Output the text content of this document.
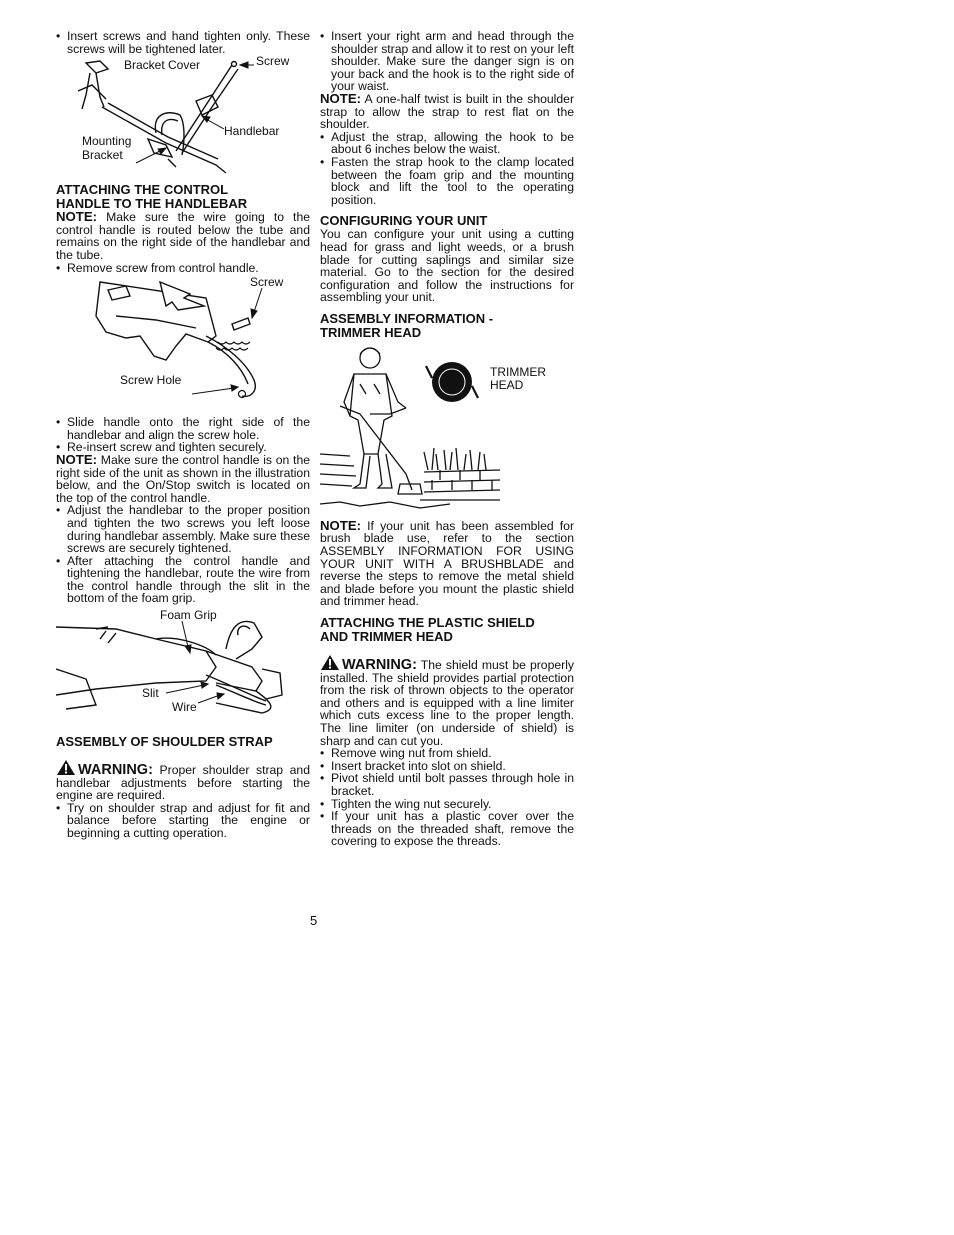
• Insert screws and hand tighten only. These screws will be tightened later.
Bracket Cover	Screw
Handlebar
Mounting
Bracket
ATTACHING THE CONTROL
HANDLE TO THE HANDLEBAR

NOTE: Make sure the wire going to the control handle is routed below the tube and remains on the right side of the handlebar and the tube.

• Remove screw from control handle.
Screw
Screw Hole
• Slide handle onto the right side of the handlebar and align the screw hole.
• Re-insert screw and tighten securely.

NOTE: Make sure the control handle is on the right side of the unit as shown in the illustration below, and the On/Stop switch is located on the top of the control handle.

• Adjust the handlebar to the proper position and tighten the two screws you left loose during handlebar assembly. Make sure these screws are securely tightened.
• After attaching the control handle and tightening the handlebar, route the wire from the control handle through the slit in the bottom of the foam grip.
Foam Grip
Slit
Wire
ASSEMBLY OF SHOULDER STRAP

WARNING: Proper shoulder strap and handlebar adjustments before starting the engine are required.

• Try on shoulder strap and adjust for fit and balance before starting the engine or beginning a cutting operation.
• Insert your right arm and head through the shoulder strap and allow it to rest on your left shoulder. Make sure the danger sign is on your back and the hook is to the right side of your waist.

NOTE: A one-half twist is built in the shoulder strap to allow the strap to rest flat on the shoulder.

• Adjust the strap, allowing the hook to be about 6 inches below the waist.
• Fasten the strap hook to the clamp located between the foam grip and the mounting block and lift the tool to the operating position.
CONFIGURING YOUR UNIT

You can configure your unit using a cutting head for grass and light weeds, or a brush blade for cutting saplings and similar size material. Go to the section for the desired configuration and follow the instructions for assembling your unit.

ASSEMBLY INFORMATION -
TRIMMER HEAD
TRIMMER
HEAD

NOTE: If your unit has been assembled for brush blade use, refer to the section ASSEMBLY INFORMATION FOR USING YOUR UNIT WITH A BRUSHBLADE and reverse the steps to remove the metal shield and blade before you mount the plastic shield and trimmer head.

ATTACHING THE PLASTIC SHIELD
AND TRIMMER HEAD

WARNING: The shield must be properly installed. The shield provides partial protection from the risk of thrown objects to the operator and others and is equipped with a line limiter which cuts excess line to the proper length. The line limiter (on underside of shield) is sharp and can cut you.

• Remove wing nut from shield.
• Insert bracket into slot on shield.
• Pivot shield until bolt passes through hole in bracket.
• Tighten the wing nut securely.
• If your unit has a plastic cover over the threads on the threaded shaft, remove the covering to expose the threads.
5
